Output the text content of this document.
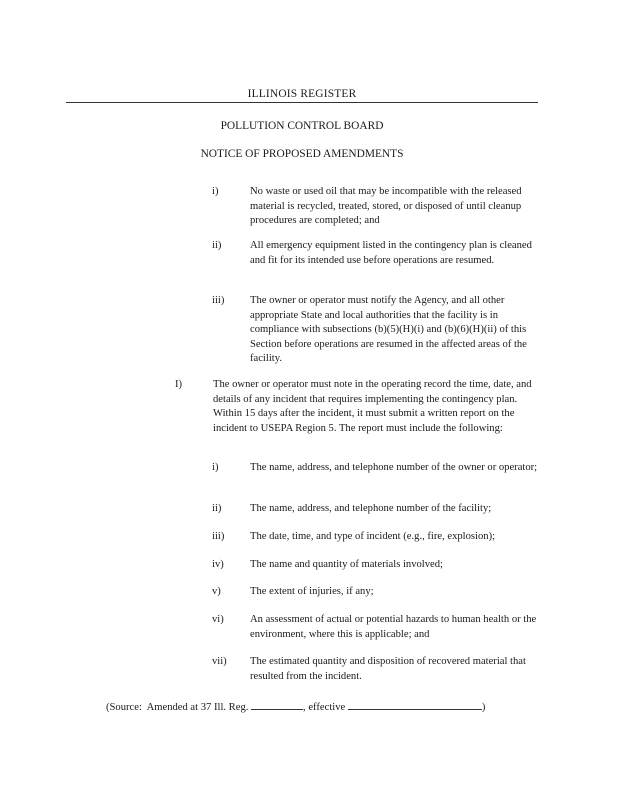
ILLINOIS REGISTER
POLLUTION CONTROL BOARD
NOTICE OF PROPOSED AMENDMENTS
i)	No waste or used oil that may be incompatible with the released material is recycled, treated, stored, or disposed of until cleanup procedures are completed; and
ii)	All emergency equipment listed in the contingency plan is cleaned and fit for its intended use before operations are resumed.
iii)	The owner or operator must notify the Agency, and all other appropriate State and local authorities that the facility is in compliance with subsections (b)(5)(H)(i) and (b)(6)(H)(ii) of this Section before operations are resumed in the affected areas of the facility.
I)	The owner or operator must note in the operating record the time, date, and details of any incident that requires implementing the contingency plan. Within 15 days after the incident, it must submit a written report on the incident to USEPA Region 5. The report must include the following:
i)	The name, address, and telephone number of the owner or operator;
ii)	The name, address, and telephone number of the facility;
iii)	The date, time, and type of incident (e.g., fire, explosion);
iv)	The name and quantity of materials involved;
v)	The extent of injuries, if any;
vi)	An assessment of actual or potential hazards to human health or the environment, where this is applicable; and
vii)	The estimated quantity and disposition of recovered material that resulted from the incident.
(Source:  Amended at 37 Ill. Reg.	, effective	)
